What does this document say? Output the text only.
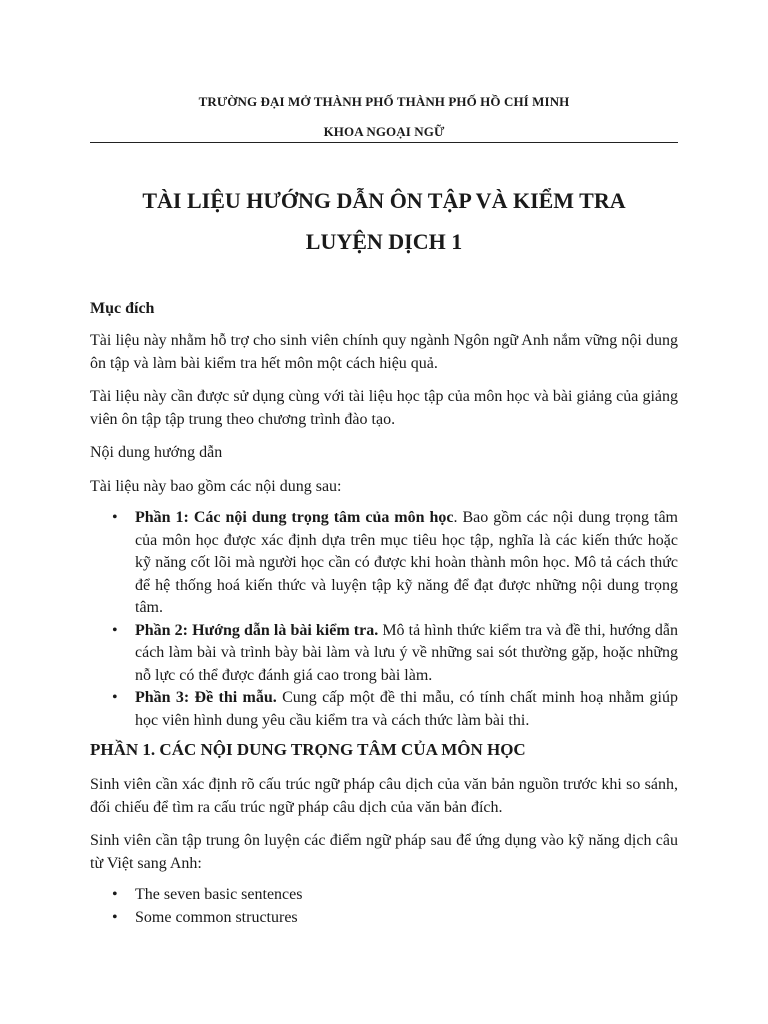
TRƯỜNG ĐẠI MỞ THÀNH PHỐ THÀNH PHỐ HỒ CHÍ MINH

KHOA NGOẠI NGỮ

TÀI LIỆU HƯỚNG DẪN ÔN TẬP VÀ KIỂM TRA
LUYỆN DỊCH 1
Mục đích

Tài liệu này nhằm hỗ trợ cho sinh viên chính quy ngành Ngôn ngữ Anh nắm vững nội dung ôn tập và làm bài kiểm tra hết môn một cách hiệu quả.

Tài liệu này cần được sử dụng cùng với tài liệu học tập của môn học và bài giảng của giảng viên ôn tập tập trung theo chương trình đào tạo.

Nội dung hướng dẫn

Tài liệu này bao gồm các nội dung sau:

• Phần 1: Các nội dung trọng tâm của môn học. Bao gồm các nội dung trọng tâm của môn học được xác định dựa trên mục tiêu học tập, nghĩa là các kiến thức hoặc kỹ năng cốt lõi mà người học cần có được khi hoàn thành môn học. Mô tả cách thức để hệ thống hoá kiến thức và luyện tập kỹ năng để đạt được những nội dung trọng tâm.
• Phần 2: Hướng dẫn là bài kiểm tra. Mô tả hình thức kiểm tra và đề thi, hướng dẫn cách làm bài và trình bày bài làm và lưu ý về những sai sót thường gặp, hoặc những nỗ lực có thể được đánh giá cao trong bài làm.
• Phần 3: Đề thi mẫu. Cung cấp một đề thi mẫu, có tính chất minh hoạ nhằm giúp học viên hình dung yêu cầu kiểm tra và cách thức làm bài thi.
PHẦN 1. CÁC NỘI DUNG TRỌNG TÂM CỦA MÔN HỌC

Sinh viên cần xác định rõ cấu trúc ngữ pháp câu dịch của văn bản nguồn trước khi so sánh, đối chiếu để tìm ra cấu trúc ngữ pháp câu dịch của văn bản đích.

Sinh viên cần tập trung ôn luyện các điểm ngữ pháp sau để ứng dụng vào kỹ năng dịch câu từ Việt sang Anh:

• The seven basic sentences
• Some common structures
